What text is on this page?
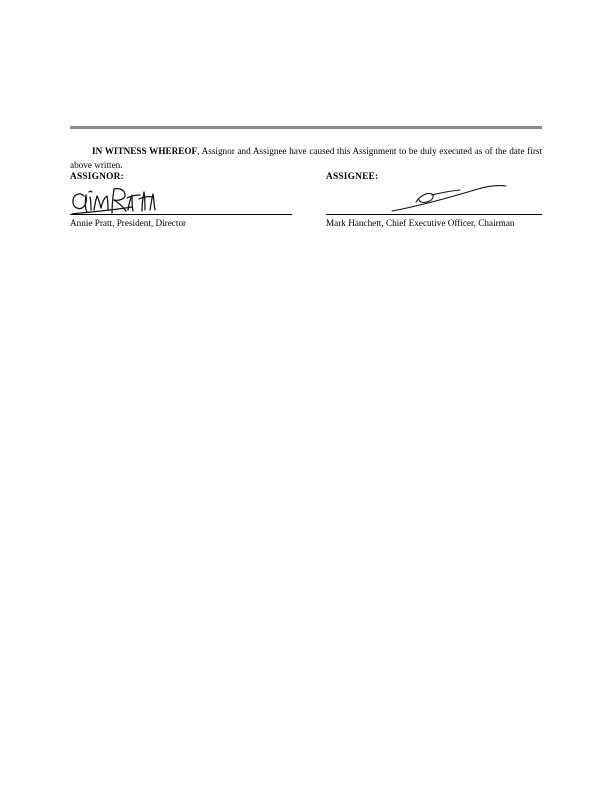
IN WITNESS WHEREOF, Assignor and Assignee have caused this Assignment to be duly executed as of the date first above written.

ASSIGNOR:
Annie Pratt, President, Director
ASSIGNEE:
Mark Hanchett, Chief Executive Officer, Chairman
